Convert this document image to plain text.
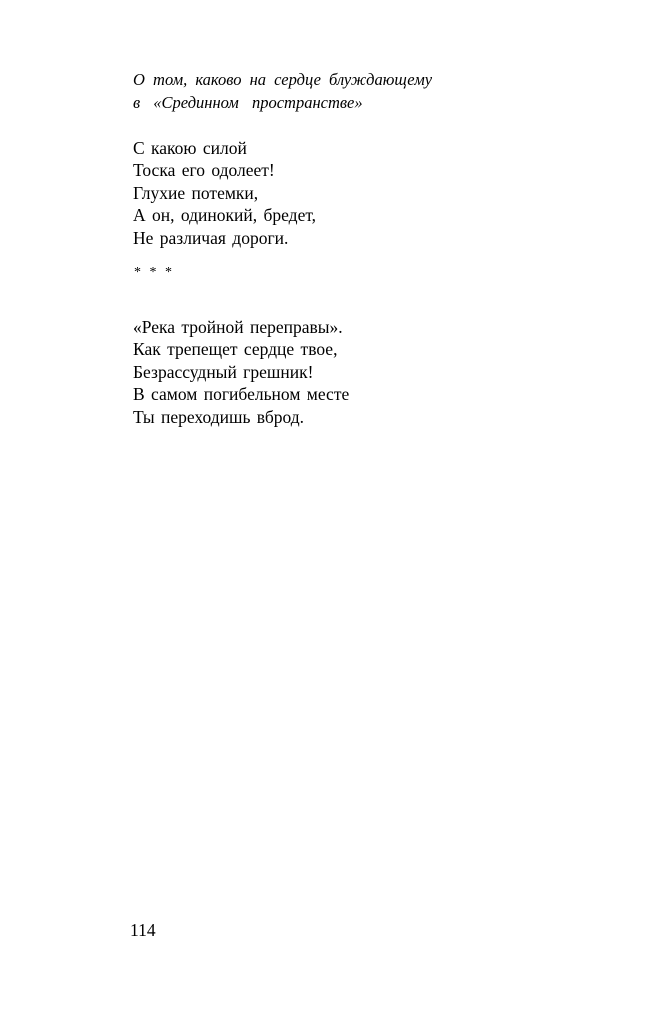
О том, каково на сердце блуждающему
в «Срединном пространстве»
С какою силой
Тоска его одолеет!
Глухие потемки,
А он, одинокий, бредет,
Не различая дороги.
* * *
«Река тройной переправы».
Как трепещет сердце твое,
Безрассудный грешник!
В самом погибельном месте
Ты переходишь вброд.
114
